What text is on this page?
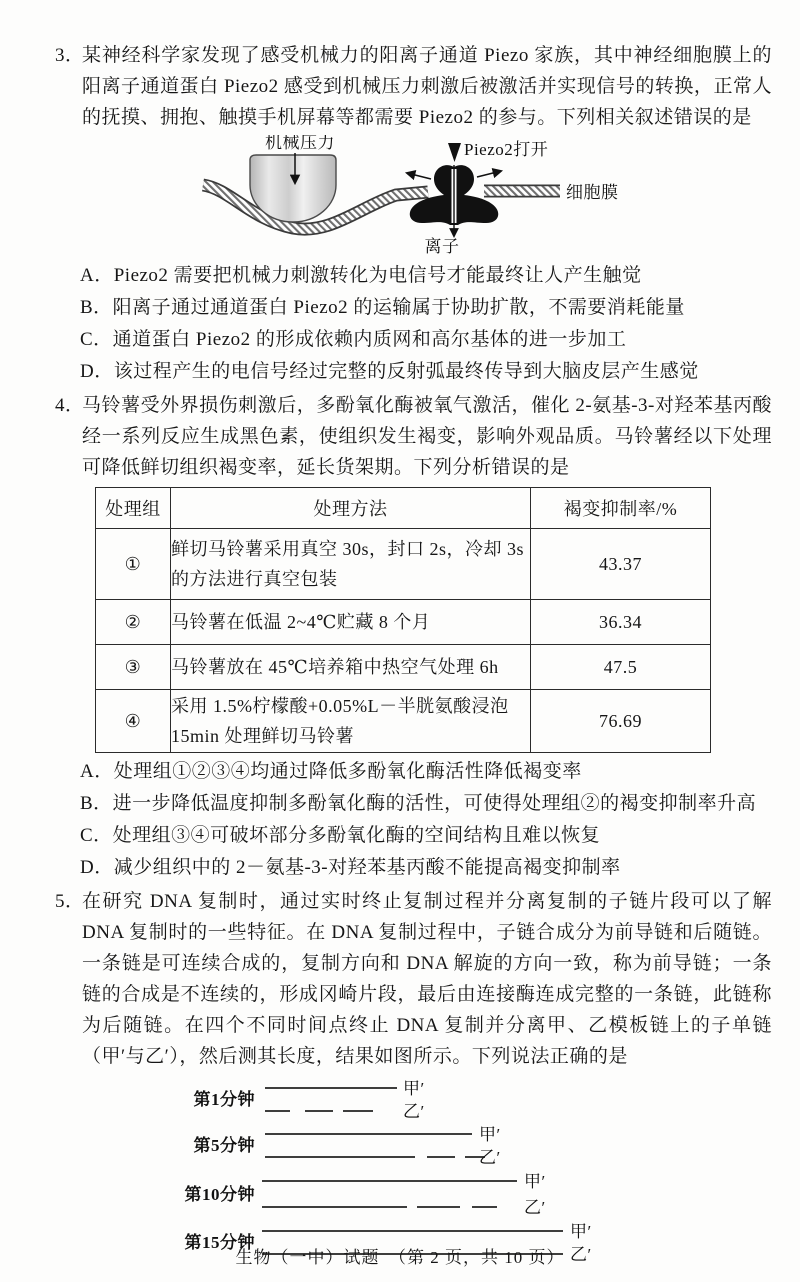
3．
某神经科学家发现了感受机械力的阳离子通道 Piezo 家族，其中神经细胞膜上的阳离子通道蛋白 Piezo2 感受到机械压力刺激后被激活并实现信号的转换，正常人的抚摸、拥抱、触摸手机屏幕等都需要 Piezo2 的参与。下列相关叙述错误的是
机械压力	Piezo2打开
离子
细胞膜
A．Piezo2 需要把机械力刺激转化为电信号才能最终让人产生触觉
B．阳离子通过通道蛋白 Piezo2 的运输属于协助扩散，不需要消耗能量
C．通道蛋白 Piezo2 的形成依赖内质网和高尔基体的进一步加工
D．该过程产生的电信号经过完整的反射弧最终传导到大脑皮层产生感觉
4．
马铃薯受外界损伤刺激后，多酚氧化酶被氧气激活，催化 2-氨基-3-对羟苯基丙酸经一系列反应生成黑色素，使组织发生褐变，影响外观品质。马铃薯经以下处理可降低鲜切组织褐变率，延长货架期。下列分析错误的是
处理组	处理方法	褐变抑制率/%
①	鲜切马铃薯采用真空 30s，封口 2s，冷却 3s 的方法进行真空包装	43.37
②	马铃薯在低温 2~4℃贮藏 8 个月	36.34
③	马铃薯放在 45℃培养箱中热空气处理 6h	47.5
④	采用 1.5%柠檬酸+0.05%L－半胱氨酸浸泡 15min 处理鲜切马铃薯	76.69
A．处理组①②③④均通过降低多酚氧化酶活性降低褐变率
B．进一步降低温度抑制多酚氧化酶的活性，可使得处理组②的褐变抑制率升高
C．处理组③④可破坏部分多酚氧化酶的空间结构且难以恢复
D．减少组织中的 2－氨基-3-对羟苯基丙酸不能提高褐变抑制率
5．
在研究 DNA 复制时，通过实时终止复制过程并分离复制的子链片段可以了解 DNA 复制时的一些特征。在 DNA 复制过程中，子链合成分为前导链和后随链。一条链是可连续合成的，复制方向和 DNA 解旋的方向一致，称为前导链；一条链的合成是不连续的，形成冈崎片段，最后由连接酶连成完整的一条链，此链称为后随链。在四个不同时间点终止 DNA 复制并分离甲、乙模板链上的子单链（甲′与乙′），然后测其长度，结果如图所示。下列说法正确的是
第1分钟
甲′
乙′
第5分钟
甲′
乙′
第10分钟
甲′
乙′
第15分钟
甲′
乙′
生物（一中）试题　（第 2 页，共 10 页）
